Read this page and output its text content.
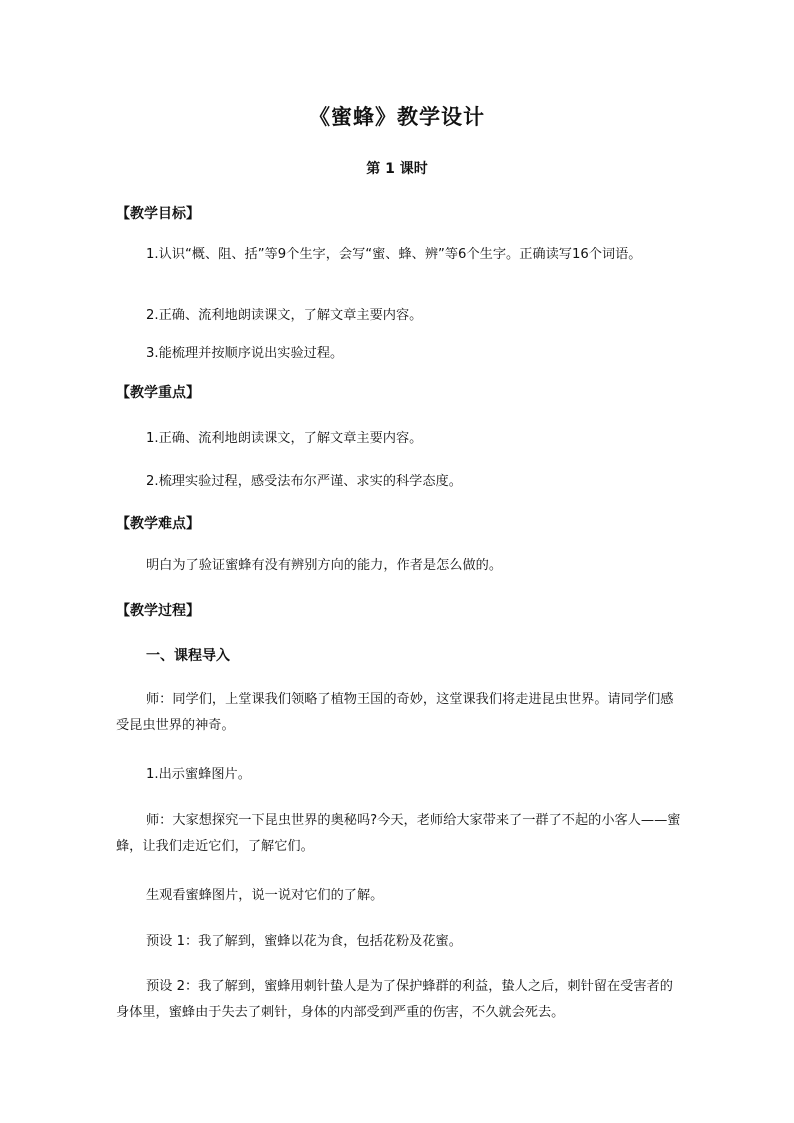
《蜜蜂》教学设计
第 1 课时
【教学目标】
1.认识“概、阻、括”等9个生字，会写“蜜、蜂、辨”等6个生字。正确读写16个词语。
2.正确、流利地朗读课文，了解文章主要内容。
3.能梳理并按顺序说出实验过程。
【教学重点】
1.正确、流利地朗读课文，了解文章主要内容。
2.梳理实验过程，感受法布尔严谨、求实的科学态度。
【教学难点】
明白为了验证蜜蜂有没有辨别方向的能力，作者是怎么做的。
【教学过程】
一、课程导入
师：同学们，上堂课我们领略了植物王国的奇妙，这堂课我们将走进昆虫世界。请同学们感受昆虫世界的神奇。
1.出示蜜蜂图片。
师：大家想探究一下昆虫世界的奥秘吗?今天，老师给大家带来了一群了不起的小客人——蜜蜂，让我们走近它们，了解它们。
生观看蜜蜂图片，说一说对它们的了解。
预设 1：我了解到，蜜蜂以花为食，包括花粉及花蜜。
预设 2：我了解到，蜜蜂用刺针蛰人是为了保护蜂群的利益，蛰人之后，刺针留在受害者的身体里，蜜蜂由于失去了刺针，身体的内部受到严重的伤害，不久就会死去。
